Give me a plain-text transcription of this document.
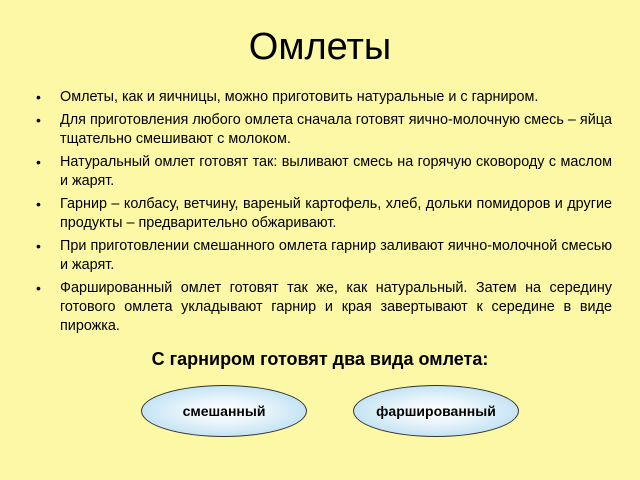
Омлеты
• Омлеты, как и яичницы, можно приготовить натуральные и с гарниром.
• Для приготовления любого омлета сначала готовят яично-молочную смесь – яйца тщательно смешивают с молоком.
• Натуральный омлет готовят так: выливают смесь на горячую сковороду с маслом и жарят.
• Гарнир – колбасу, ветчину, вареный картофель, хлеб, дольки помидоров и другие продукты – предварительно обжаривают.
• При приготовлении смешанного омлета гарнир заливают яично-молочной смесью и жарят.
• Фаршированный омлет готовят так же, как натуральный. Затем на середину готового омлета укладывают гарнир и края завертывают к середине в виде пирожка.
С гарниром готовят два вида омлета:
смешанный	фаршированный
